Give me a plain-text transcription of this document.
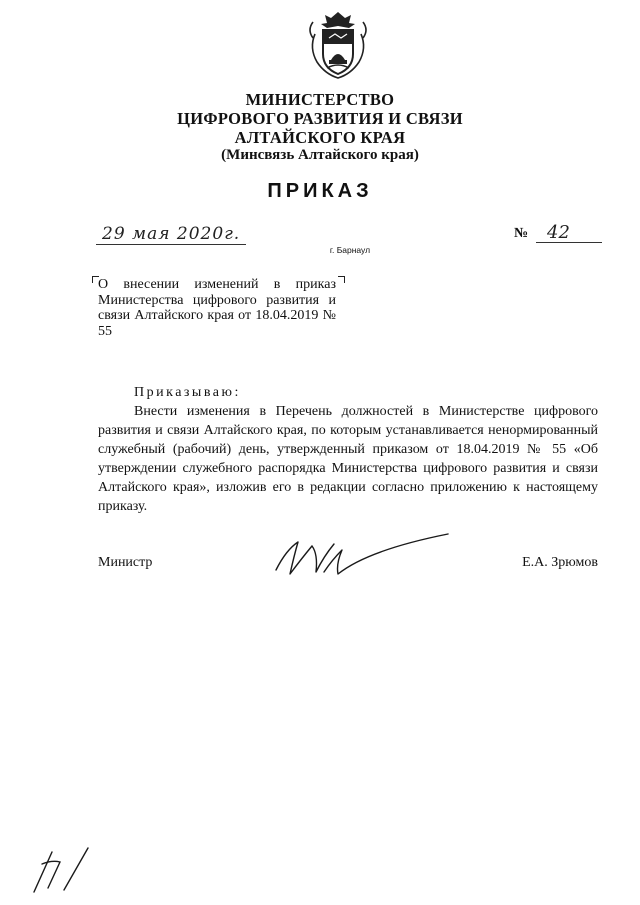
МИНИСТЕРСТВО
ЦИФРОВОГО РАЗВИТИЯ И СВЯЗИ
АЛТАЙСКОГО КРАЯ
(Минсвязь Алтайского края)
ПРИКАЗ
29 мая 2020г.
г. Барнаул
№ 42
О внесении изменений в приказ Министерства цифрового развития и связи Алтайского края от 18.04.2019 № 55
Приказываю:

Внести изменения в Перечень должностей в Министерстве цифрового развития и связи Алтайского края, по которым устанавливается ненормированный служебный (рабочий) день, утвержденный приказом от 18.04.2019 № 55 «Об утверждении служебного распорядка Министерства цифрового развития и связи Алтайского края», изложив его в редакции согласно приложению к настоящему приказу.

Министр	Е.А. Зрюмов
